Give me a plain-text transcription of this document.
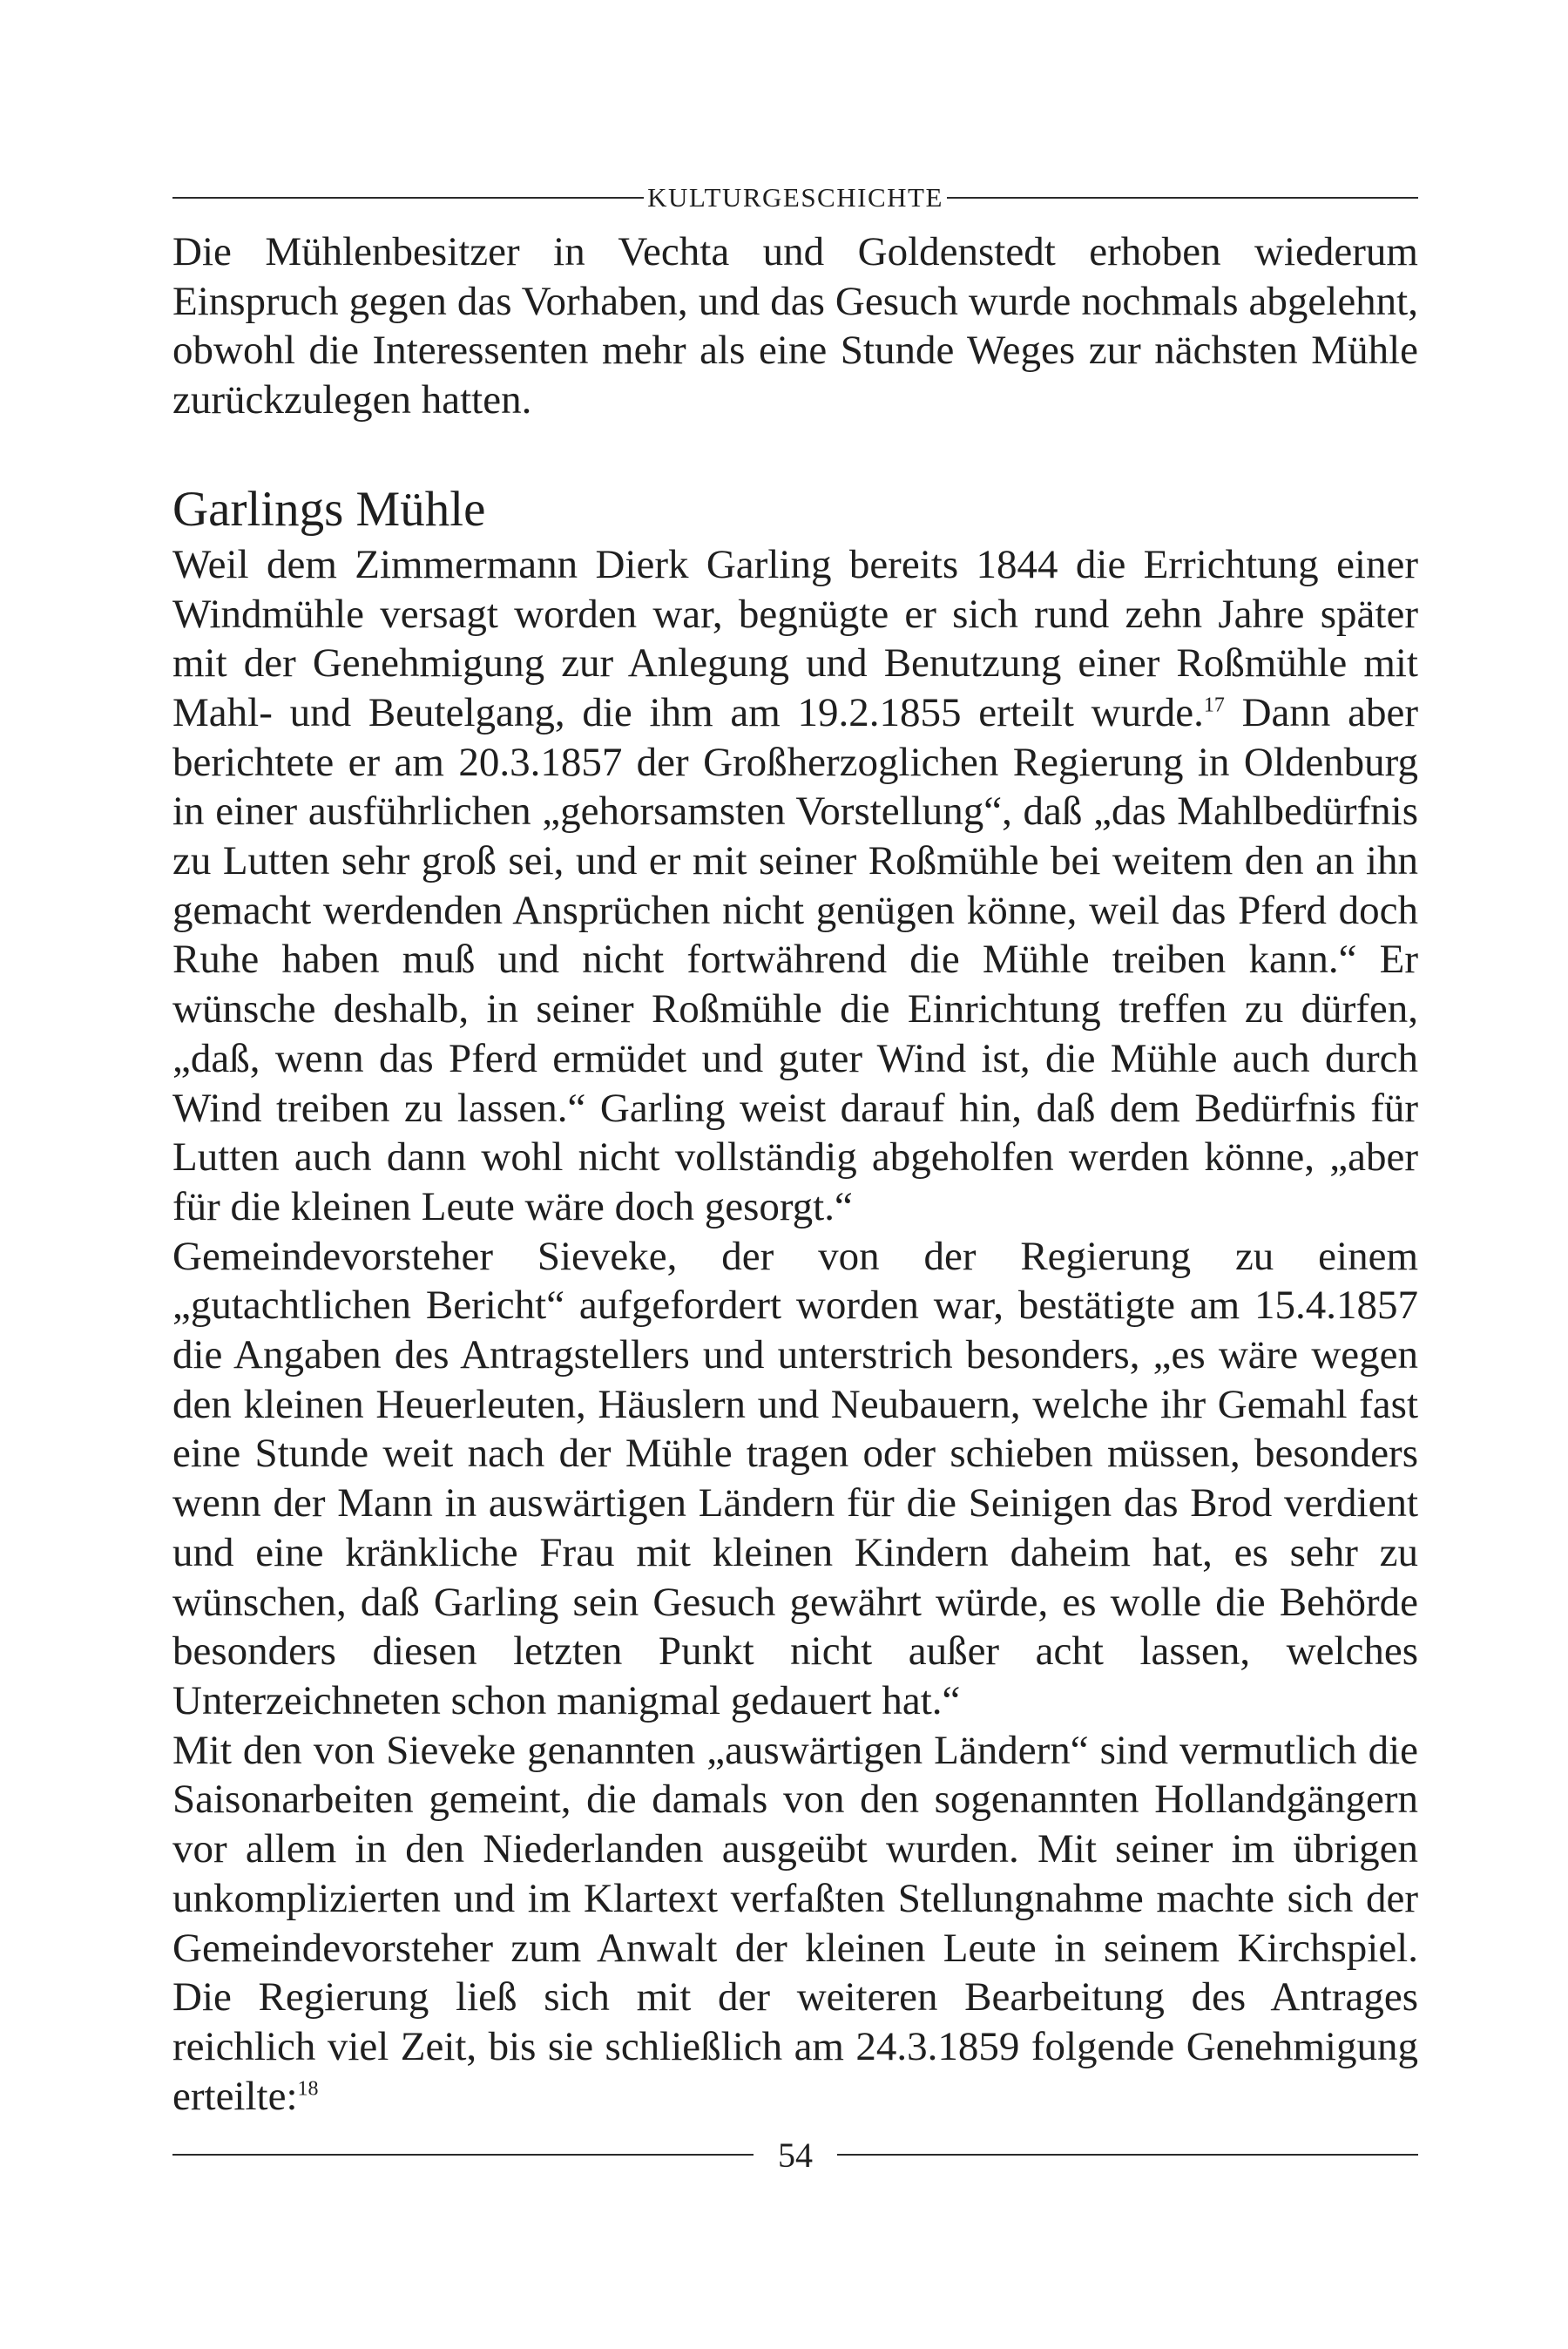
KULTURGESCHICHTE

Die Mühlenbesitzer in Vechta und Goldenstedt erhoben wiederum Einspruch gegen das Vorhaben, und das Gesuch wurde nochmals abgelehnt, obwohl die Interessenten mehr als eine Stunde Weges zur nächsten Mühle zurückzulegen hatten.

Garlings Mühle

Weil dem Zimmermann Dierk Garling bereits 1844 die Errichtung einer Windmühle versagt worden war, begnügte er sich rund zehn Jahre später mit der Genehmigung zur Anlegung und Benutzung einer Roßmühle mit Mahl- und Beutelgang, die ihm am 19.2.1855 erteilt wurde.$^{17}$ Dann aber berichtete er am 20.3.1857 der Großherzoglichen Regierung in Oldenburg in einer ausführlichen „gehorsamsten Vorstellung“, daß „das Mahlbedürfnis zu Lutten sehr groß sei, und er mit seiner Roßmühle bei weitem den an ihn gemacht werdenden Ansprüchen nicht genügen könne, weil das Pferd doch Ruhe haben muß und nicht fortwährend die Mühle treiben kann.“ Er wünsche deshalb, in seiner Roßmühle die Einrichtung treffen zu dürfen, „daß, wenn das Pferd ermüdet und guter Wind ist, die Mühle auch durch Wind treiben zu lassen.“ Garling weist darauf hin, daß dem Bedürfnis für Lutten auch dann wohl nicht vollständig abgeholfen werden könne, „aber für die kleinen Leute wäre doch gesorgt.“

Gemeindevorsteher Sieveke, der von der Regierung zu einem „gutachtlichen Bericht“ aufgefordert worden war, bestätigte am 15.4.1857 die Angaben des Antragstellers und unterstrich besonders, „es wäre wegen den kleinen Heuerleuten, Häuslern und Neubauern, welche ihr Gemahl fast eine Stunde weit nach der Mühle tragen oder schieben müssen, besonders wenn der Mann in auswärtigen Ländern für die Seinigen das Brod verdient und eine kränkliche Frau mit kleinen Kindern daheim hat, es sehr zu wünschen, daß Garling sein Gesuch gewährt würde, es wolle die Behörde besonders diesen letzten Punkt nicht außer acht lassen, welches Unterzeichneten schon manigmal gedauert hat.“

Mit den von Sieveke genannten „auswärtigen Ländern“ sind vermutlich die Saisonarbeiten gemeint, die damals von den sogenannten Hollandgängern vor allem in den Niederlanden ausgeübt wurden. Mit seiner im übrigen unkomplizierten und im Klartext verfaßten Stellungnahme machte sich der Gemeindevorsteher zum Anwalt der kleinen Leute in seinem Kirchspiel. Die Regierung ließ sich mit der weiteren Bearbeitung des Antrages reichlich viel Zeit, bis sie schließlich am 24.3.1859 folgende Genehmigung erteilte:$^{18}$

54
